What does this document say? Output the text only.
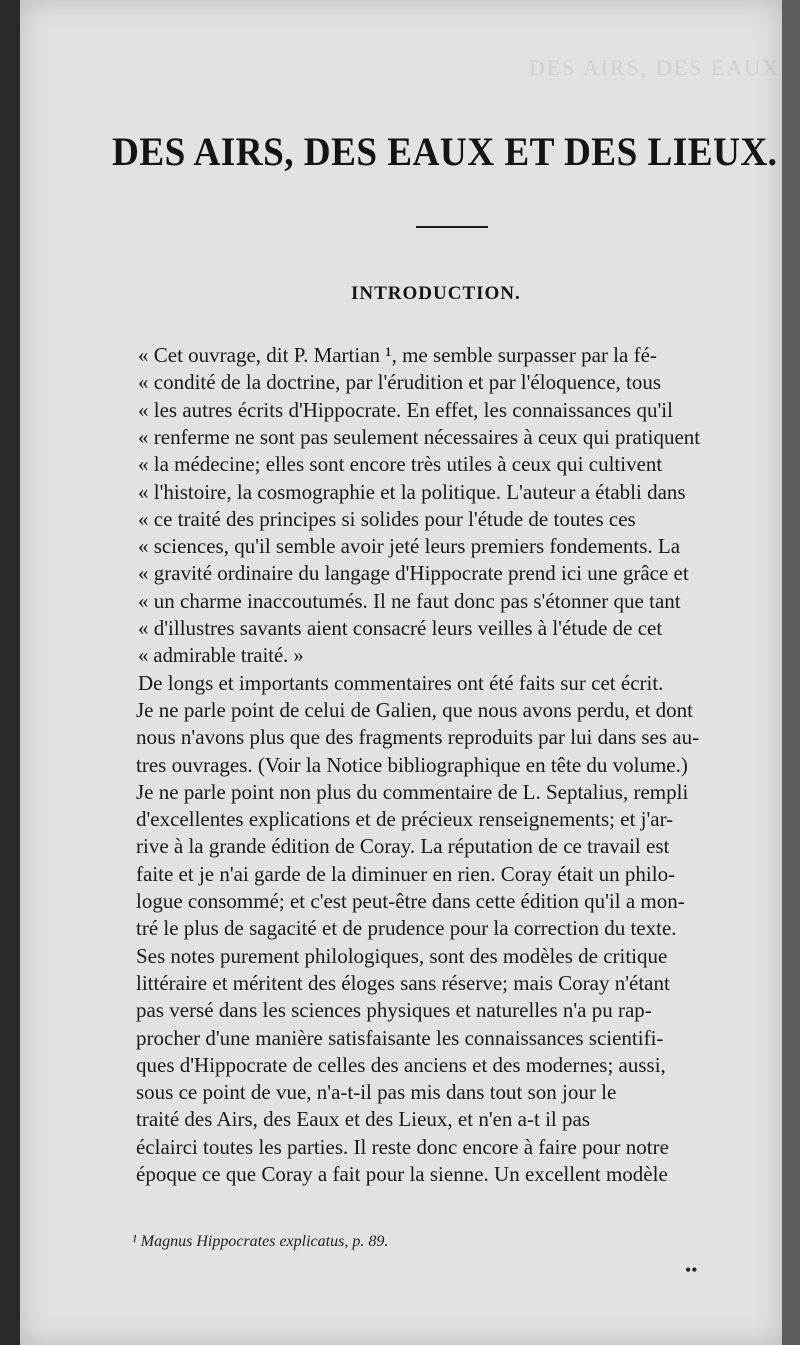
DES AIRS, DES EAUX
DES AIRS, DES EAUX ET DES LIEUX.
INTRODUCTION.
« Cet ouvrage, dit P. Martian ¹, me semble surpasser par la fé-
« condité de la doctrine, par l'érudition et par l'éloquence, tous
« les autres écrits d'Hippocrate. En effet, les connaissances qu'il
« renferme ne sont pas seulement nécessaires à ceux qui pratiquent
« la médecine; elles sont encore très utiles à ceux qui cultivent
« l'histoire, la cosmographie et la politique. L'auteur a établi dans
« ce traité des principes si solides pour l'étude de toutes ces
« sciences, qu'il semble avoir jeté leurs premiers fondements. La
« gravité ordinaire du langage d'Hippocrate prend ici une grâce et
« un charme inaccoutumés. Il ne faut donc pas s'étonner que tant
« d'illustres savants aient consacré leurs veilles à l'étude de cet
« admirable traité. »
De longs et importants commentaires ont été faits sur cet écrit.
Je ne parle point de celui de Galien, que nous avons perdu, et dont
nous n'avons plus que des fragments reproduits par lui dans ses au-
tres ouvrages. (Voir la Notice bibliographique en tête du volume.)
Je ne parle point non plus du commentaire de L. Septalius, rempli
d'excellentes explications et de précieux renseignements; et j'ar-
rive à la grande édition de Coray. La réputation de ce travail est
faite et je n'ai garde de la diminuer en rien. Coray était un philo-
logue consommé; et c'est peut-être dans cette édition qu'il a mon-
tré le plus de sagacité et de prudence pour la correction du texte.
Ses notes purement philologiques, sont des modèles de critique
littéraire et méritent des éloges sans réserve; mais Coray n'étant
pas versé dans les sciences physiques et naturelles n'a pu rap-
procher d'une manière satisfaisante les connaissances scientifi-
ques d'Hippocrate de celles des anciens et des modernes; aussi,
sous ce point de vue, n'a-t-il pas mis dans tout son jour le
traité des Airs, des Eaux et des Lieux, et n'en a-t il pas
éclairci toutes les parties. Il reste donc encore à faire pour notre
époque ce que Coray a fait pour la sienne. Un excellent modèle
¹ Magnus Hippocrates explicatus, p. 89.
••
